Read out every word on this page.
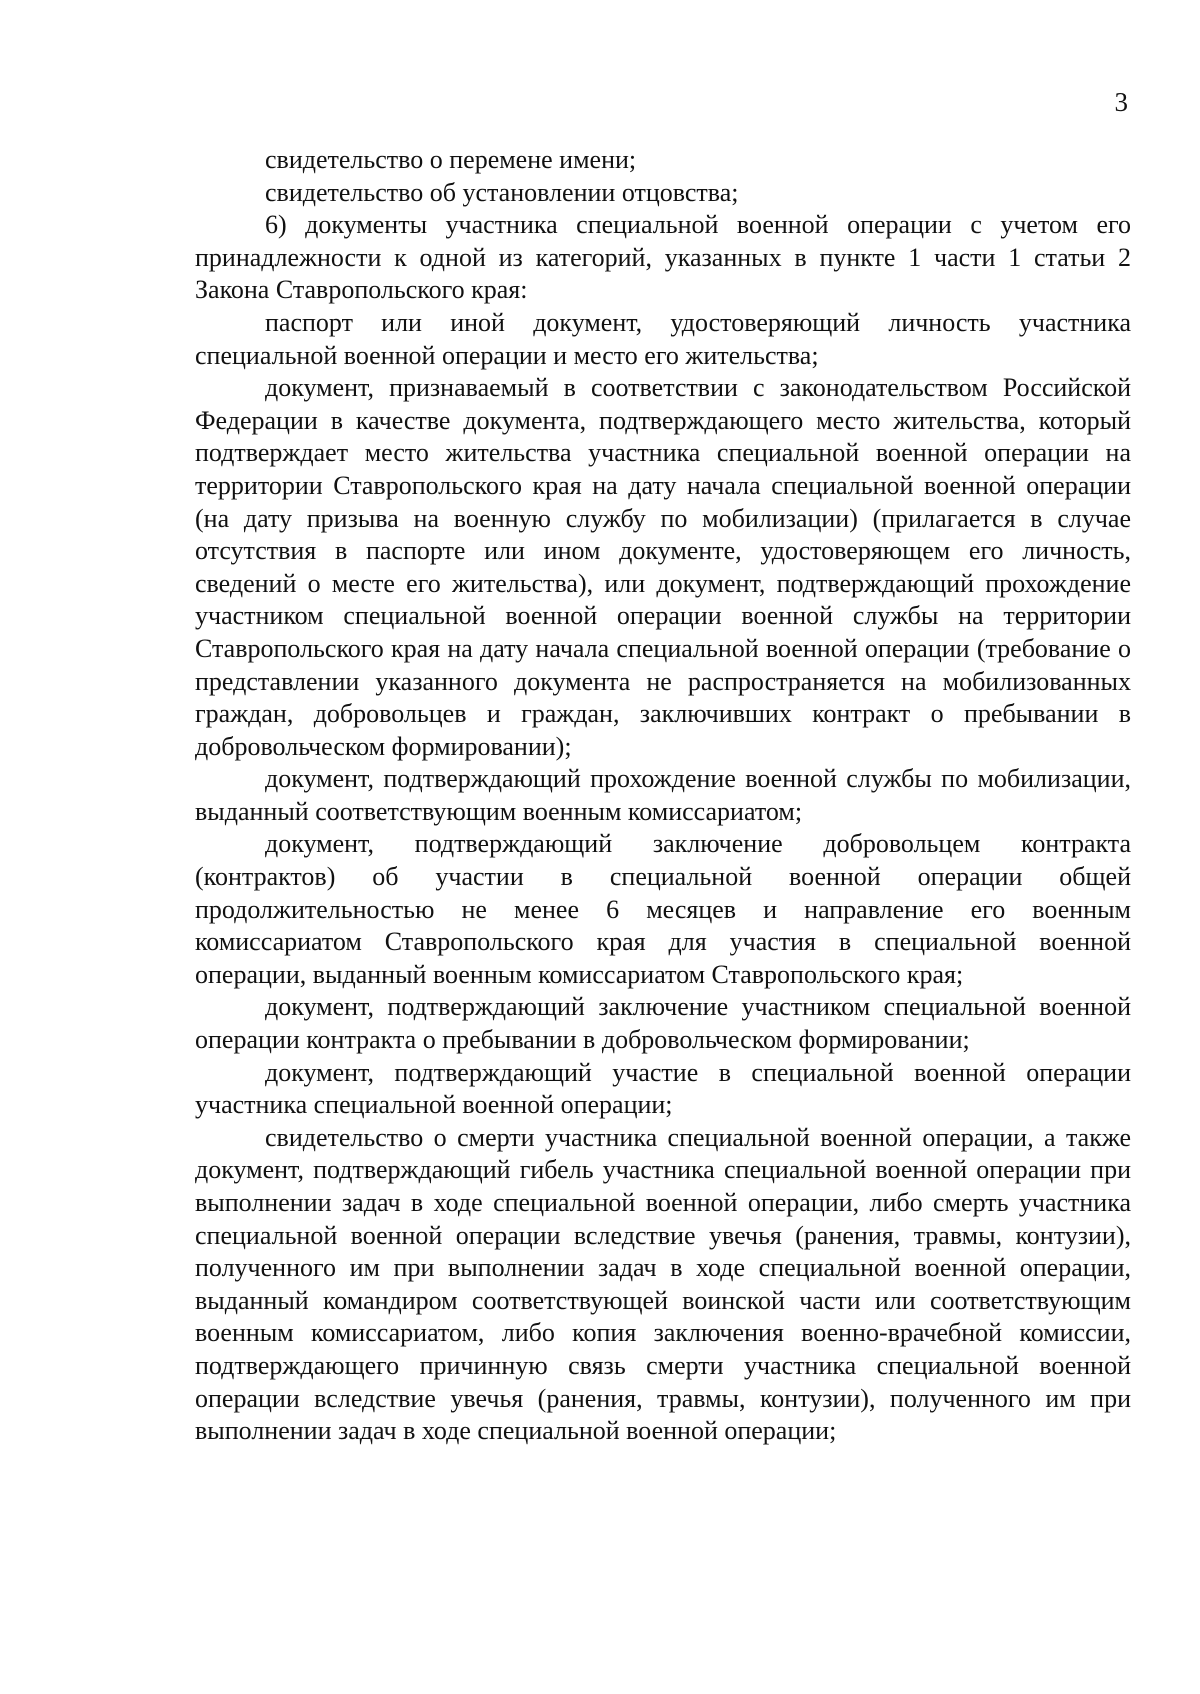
3

свидетельство о перемене имени;

свидетельство об установлении отцовства;

6) документы участника специальной военной операции с учетом его принадлежности к одной из категорий, указанных в пункте 1 части 1 статьи 2 Закона Ставропольского края:

паспорт или иной документ, удостоверяющий личность участника специальной военной операции и место его жительства;

документ, признаваемый в соответствии с законодательством Российской Федерации в качестве документа, подтверждающего место жительства, который подтверждает место жительства участника специальной военной операции на территории Ставропольского края на дату начала специальной военной операции (на дату призыва на военную службу по мобилизации) (прилагается в случае отсутствия в паспорте или ином документе, удостоверяющем его личность, сведений о месте его жительства), или документ, подтверждающий прохождение участником специальной военной операции военной службы на территории Ставропольского края на дату начала специальной военной операции (требование о представлении указанного документа не распространяется на мобилизованных граждан, добровольцев и граждан, заключивших контракт о пребывании в добровольческом формировании);

документ, подтверждающий прохождение военной службы по мобилизации, выданный соответствующим военным комиссариатом;

документ, подтверждающий заключение добровольцем контракта (контрактов) об участии в специальной военной операции общей продолжительностью не менее 6 месяцев и направление его военным комиссариатом Ставропольского края для участия в специальной военной операции, выданный военным комиссариатом Ставропольского края;

документ, подтверждающий заключение участником специальной военной операции контракта о пребывании в добровольческом формировании;

документ, подтверждающий участие в специальной военной операции участника специальной военной операции;

свидетельство о смерти участника специальной военной операции, а также документ, подтверждающий гибель участника специальной военной операции при выполнении задач в ходе специальной военной операции, либо смерть участника специальной военной операции вследствие увечья (ранения, травмы, контузии), полученного им при выполнении задач в ходе специальной военной операции, выданный командиром соответствующей воинской части или соответствующим военным комиссариатом, либо копия заключения военно-врачебной комиссии, подтверждающего причинную связь смерти участника специальной военной операции вследствие увечья (ранения, травмы, контузии), полученного им при выполнении задач в ходе специальной военной операции;
